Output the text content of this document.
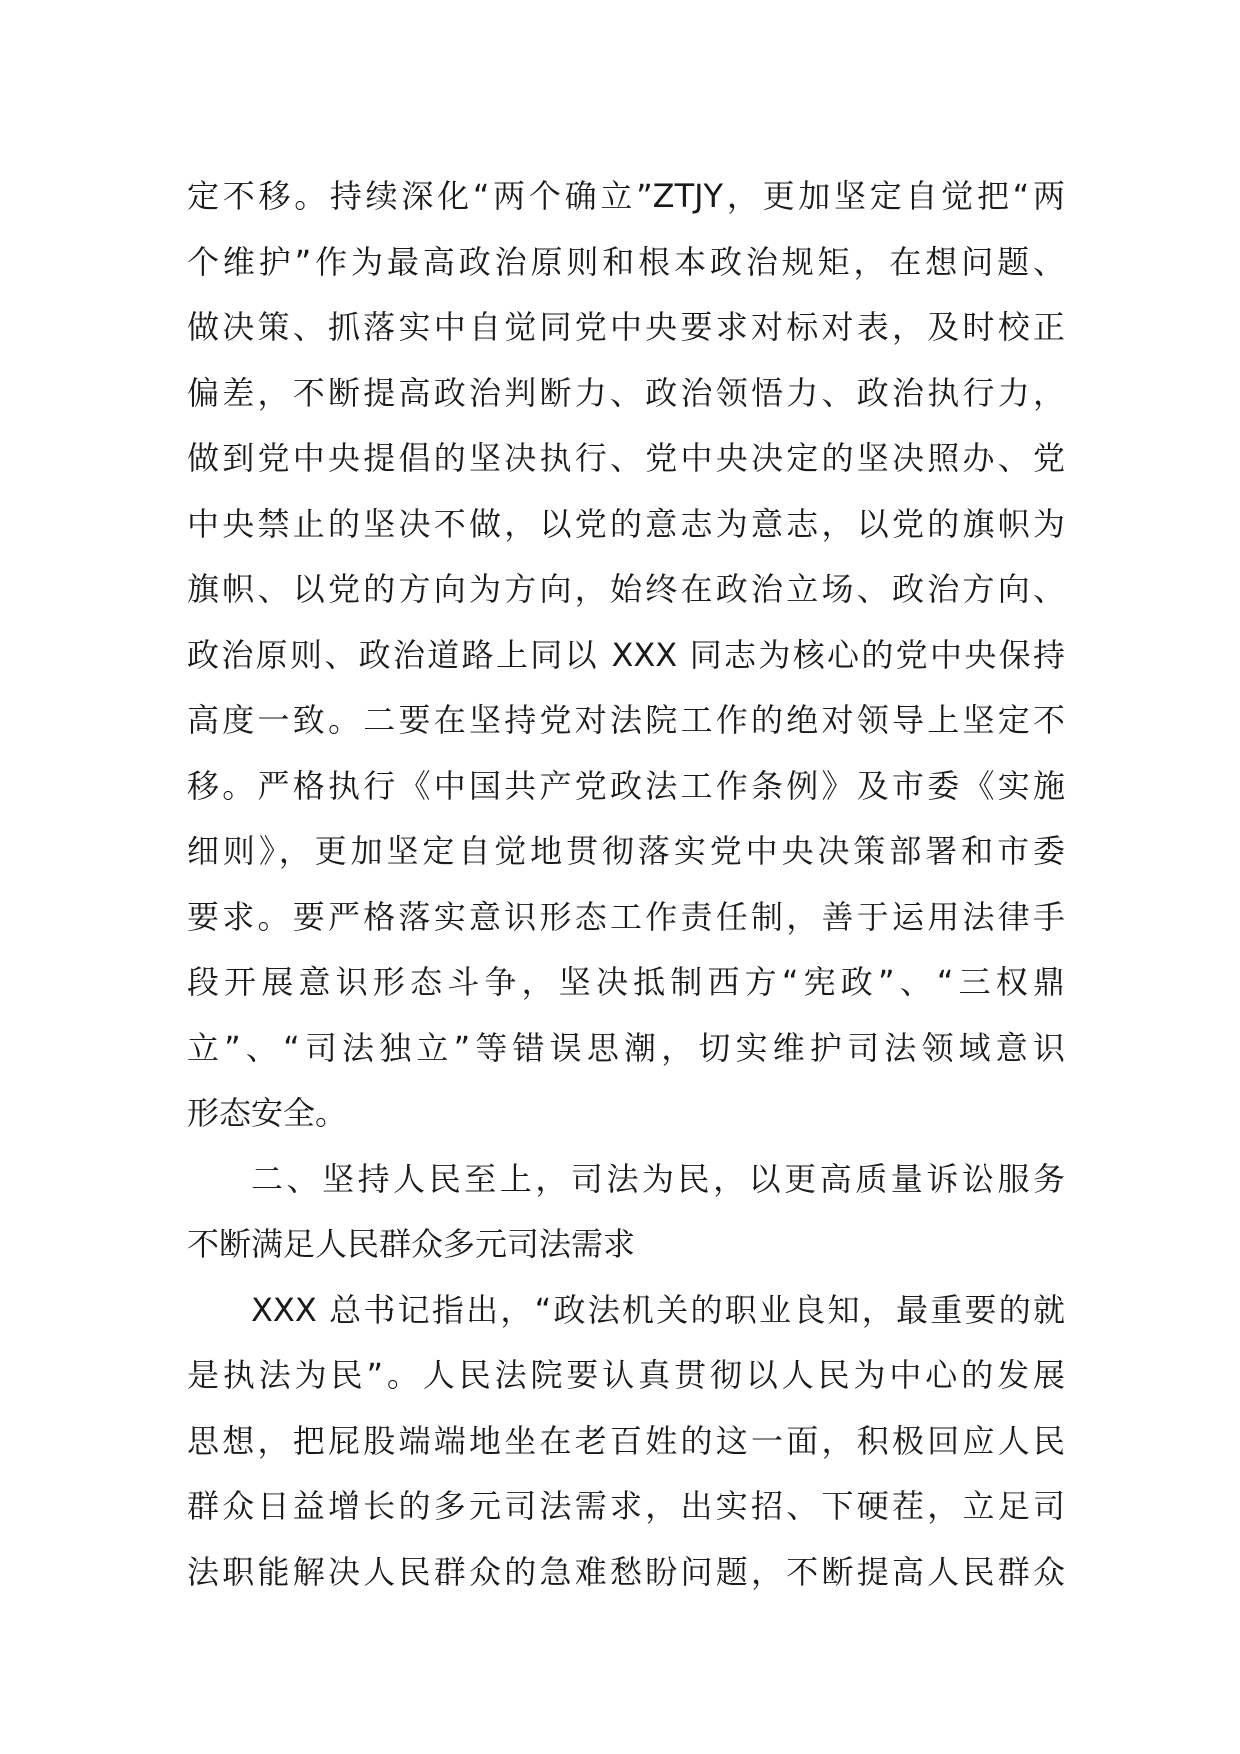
定不移。持续深化“两个确立”ZTJY，更加坚定自觉把“两
个维护”作为最高政治原则和根本政治规矩，在想问题、
做决策、抓落实中自觉同党中央要求对标对表，及时校正
偏差，不断提高政治判断力、政治领悟力、政治执行力，
做到党中央提倡的坚决执行、党中央决定的坚决照办、党
中央禁止的坚决不做，以党的意志为意志，以党的旗帜为
旗帜、以党的方向为方向，始终在政治立场、政治方向、
政治原则、政治道路上同以 XXX 同志为核心的党中央保持
高度一致。二要在坚持党对法院工作的绝对领导上坚定不
移。严格执行《中国共产党政法工作条例》及市委《实施
细则》，更加坚定自觉地贯彻落实党中央决策部署和市委
要求。要严格落实意识形态工作责任制，善于运用法律手
段开展意识形态斗争，坚决抵制西方“宪政”、“三权鼎
立”、“司法独立”等错误思潮，切实维护司法领域意识
形态安全。
二、坚持人民至上，司法为民，以更高质量诉讼服务
不断满足人民群众多元司法需求
XXX 总书记指出，“政法机关的职业良知，最重要的就
是执法为民”。人民法院要认真贯彻以人民为中心的发展
思想，把屁股端端地坐在老百姓的这一面，积极回应人民
群众日益增长的多元司法需求，出实招、下硬茬，立足司
法职能解决人民群众的急难愁盼问题，不断提高人民群众
